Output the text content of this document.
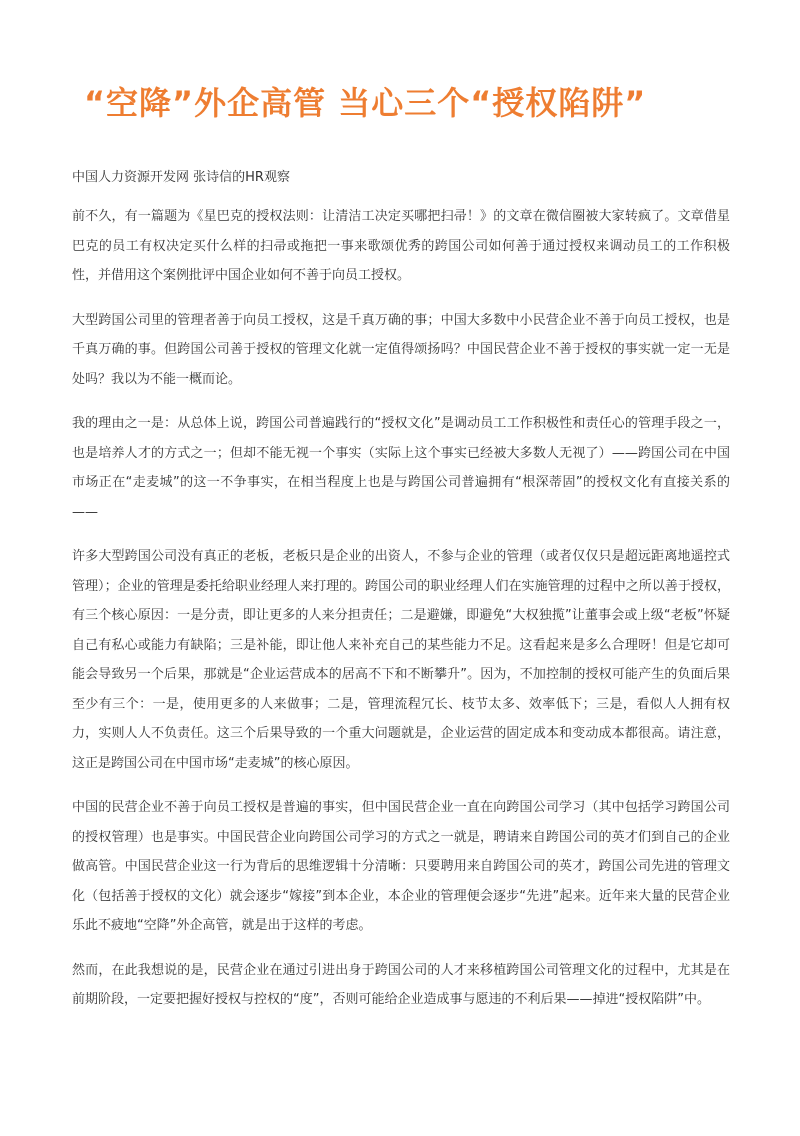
“空降”外企高管 当心三个“授权陷阱”
中国人力资源开发网 张诗信的HR观察

前不久，有一篇题为《星巴克的授权法则：让清洁工决定买哪把扫帚！》的文章在微信圈被大家转疯了。文章借星巴克的员工有权决定买什么样的扫帚或拖把一事来歌颂优秀的跨国公司如何善于通过授权来调动员工的工作积极性，并借用这个案例批评中国企业如何不善于向员工授权。

大型跨国公司里的管理者善于向员工授权，这是千真万确的事；中国大多数中小民营企业不善于向员工授权，也是千真万确的事。但跨国公司善于授权的管理文化就一定值得颂扬吗？中国民营企业不善于授权的事实就一定一无是处吗？我以为不能一概而论。

我的理由之一是：从总体上说，跨国公司普遍践行的“授权文化”是调动员工工作积极性和责任心的管理手段之一，也是培养人才的方式之一；但却不能无视一个事实（实际上这个事实已经被大多数人无视了）——跨国公司在中国市场正在“走麦城”的这一不争事实，在相当程度上也是与跨国公司普遍拥有“根深蒂固”的授权文化有直接关系的——

许多大型跨国公司没有真正的老板，老板只是企业的出资人，不参与企业的管理（或者仅仅只是超远距离地遥控式管理）；企业的管理是委托给职业经理人来打理的。跨国公司的职业经理人们在实施管理的过程中之所以善于授权，有三个核心原因：一是分责，即让更多的人来分担责任；二是避嫌，即避免“大权独揽”让董事会或上级“老板”怀疑自己有私心或能力有缺陷；三是补能，即让他人来补充自己的某些能力不足。这看起来是多么合理呀！但是它却可能会导致另一个后果，那就是“企业运营成本的居高不下和不断攀升”。因为，不加控制的授权可能产生的负面后果至少有三个：一是，使用更多的人来做事；二是，管理流程冗长、枝节太多、效率低下；三是，看似人人拥有权力，实则人人不负责任。这三个后果导致的一个重大问题就是，企业运营的固定成本和变动成本都很高。请注意，这正是跨国公司在中国市场“走麦城”的核心原因。

中国的民营企业不善于向员工授权是普遍的事实，但中国民营企业一直在向跨国公司学习（其中包括学习跨国公司的授权管理）也是事实。中国民营企业向跨国公司学习的方式之一就是，聘请来自跨国公司的英才们到自己的企业做高管。中国民营企业这一行为背后的思维逻辑十分清晰：只要聘用来自跨国公司的英才，跨国公司先进的管理文化（包括善于授权的文化）就会逐步“嫁接”到本企业，本企业的管理便会逐步“先进”起来。近年来大量的民营企业乐此不疲地“空降”外企高管，就是出于这样的考虑。

然而，在此我想说的是，民营企业在通过引进出身于跨国公司的人才来移植跨国公司管理文化的过程中，尤其是在前期阶段，一定要把握好授权与控权的“度”，否则可能给企业造成事与愿违的不利后果——掉进“授权陷阱”中。
